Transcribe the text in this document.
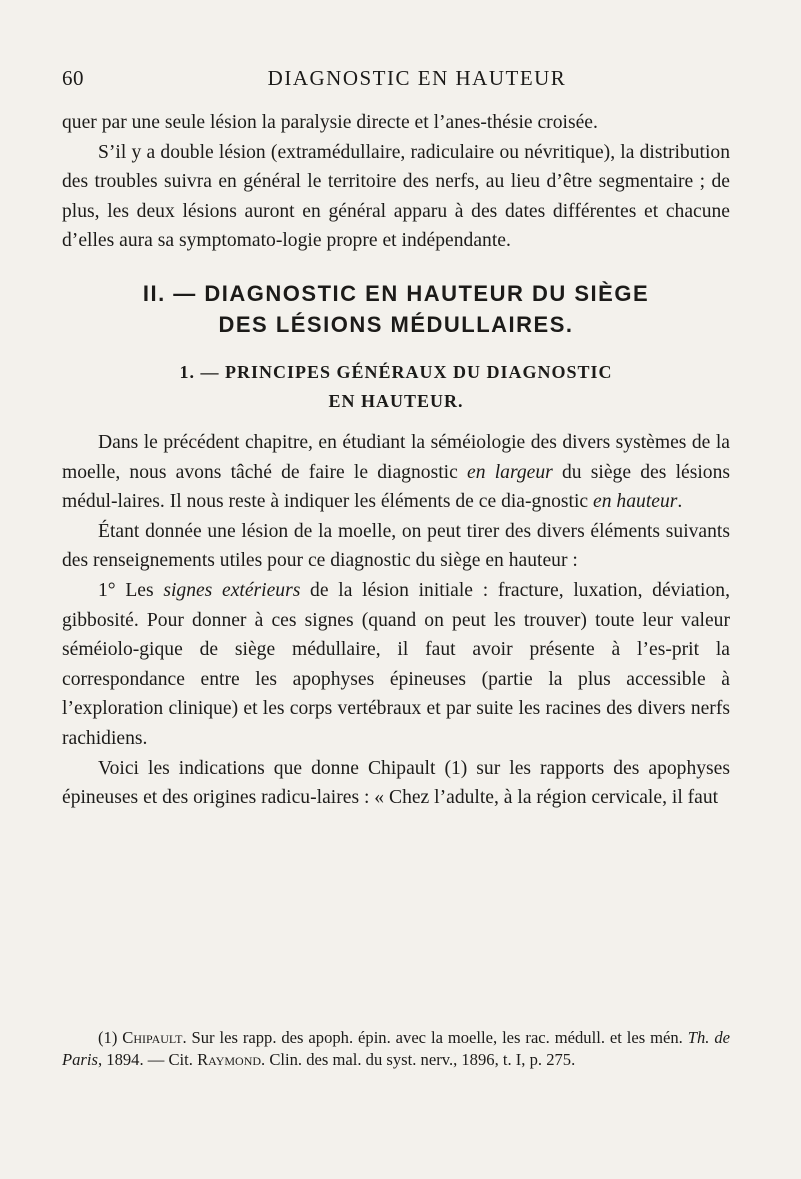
60	DIAGNOSTIC EN HAUTEUR

quer par une seule lésion la paralysie directe et l’anes-thésie croisée.

S’il y a double lésion (extramédullaire, radiculaire ou névritique), la distribution des troubles suivra en général le territoire des nerfs, au lieu d’être segmentaire ; de plus, les deux lésions auront en général apparu à des dates différentes et chacune d’elles aura sa symptomato-logie propre et indépendante.

II. — DIAGNOSTIC EN HAUTEUR DU SIÈGE
DES LÉSIONS MÉDULLAIRES.
1. — PRINCIPES GÉNÉRAUX DU DIAGNOSTIC
EN HAUTEUR.

Dans le précédent chapitre, en étudiant la séméiologie des divers systèmes de la moelle, nous avons tâché de faire le diagnostic en largeur du siège des lésions médul-laires. Il nous reste à indiquer les éléments de ce dia-gnostic en hauteur.

Étant donnée une lésion de la moelle, on peut tirer des divers éléments suivants des renseignements utiles pour ce diagnostic du siège en hauteur :

1° Les signes extérieurs de la lésion initiale : fracture, luxation, déviation, gibbosité. Pour donner à ces signes (quand on peut les trouver) toute leur valeur séméiolo-gique de siège médullaire, il faut avoir présente à l’es-prit la correspondance entre les apophyses épineuses (partie la plus accessible à l’exploration clinique) et les corps vertébraux et par suite les racines des divers nerfs rachidiens.

Voici les indications que donne Chipault (1) sur les rapports des apophyses épineuses et des origines radicu-laires : « Chez l’adulte, à la région cervicale, il faut

(1) Chipault. Sur les rapp. des apoph. épin. avec la moelle, les rac. médull. et les mén. Th. de Paris, 1894. — Cit. Raymond. Clin. des mal. du syst. nerv., 1896, t. I, p. 275.
